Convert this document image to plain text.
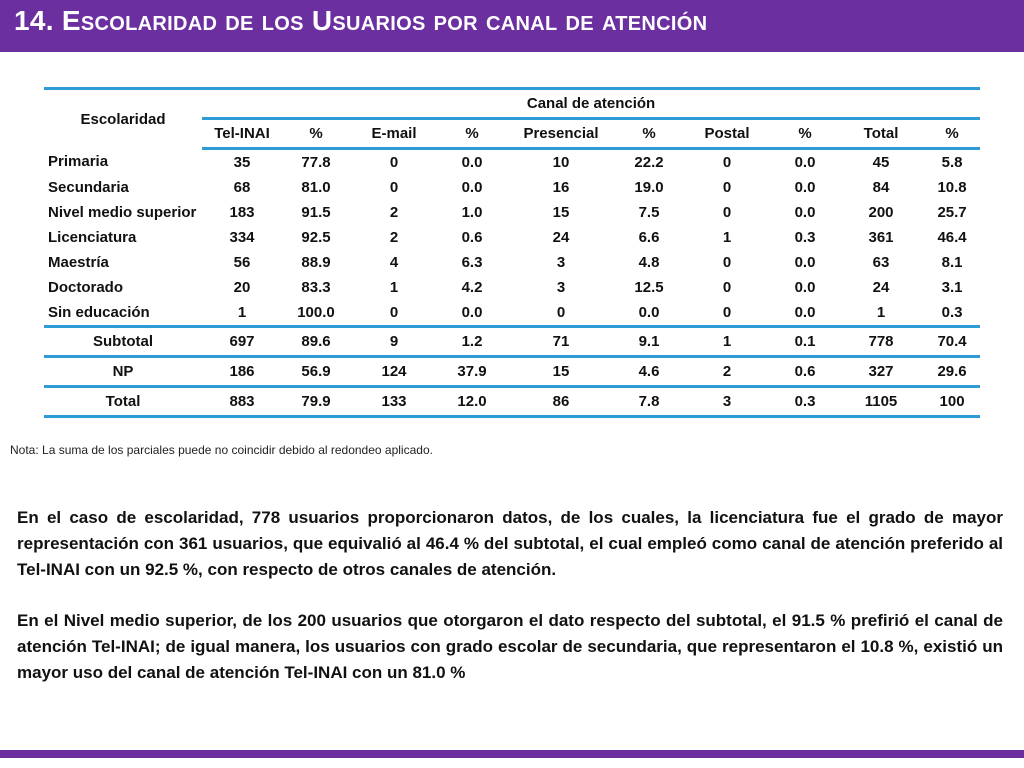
14. Escolaridad de los Usuarios por canal de atención
Escolaridad	Canal de atención									
	Tel-INAI	%	E-mail	%	Presencial	%	Postal	%	Total	%
Primaria	35	77.8	0	0.0	10	22.2	0	0.0	45	5.8
Secundaria	68	81.0	0	0.0	16	19.0	0	0.0	84	10.8
Nivel medio superior	183	91.5	2	1.0	15	7.5	0	0.0	200	25.7
Licenciatura	334	92.5	2	0.6	24	6.6	1	0.3	361	46.4
Maestría	56	88.9	4	6.3	3	4.8	0	0.0	63	8.1
Doctorado	20	83.3	1	4.2	3	12.5	0	0.0	24	3.1
Sin educación	1	100.0	0	0.0	0	0.0	0	0.0	1	0.3
Subtotal	697	89.6	9	1.2	71	9.1	1	0.1	778	70.4
NP	186	56.9	124	37.9	15	4.6	2	0.6	327	29.6
Total	883	79.9	133	12.0	86	7.8	3	0.3	1105	100
Nota: La suma de los parciales puede no coincidir debido al redondeo aplicado.
En el caso de escolaridad, 778 usuarios proporcionaron datos, de los cuales, la licenciatura fue el grado de mayor representación con 361 usuarios, que equivalió al 46.4 % del subtotal, el cual empleó como canal de atención preferido al Tel-INAI con un 92.5 %, con respecto de otros canales de atención.
En el Nivel medio superior, de los 200 usuarios que otorgaron el dato respecto del subtotal, el 91.5 % prefirió el canal de atención Tel-INAI; de igual manera, los usuarios con grado escolar de secundaria, que representaron el 10.8 %, existió un mayor uso del canal de atención Tel-INAI con un 81.0 %
